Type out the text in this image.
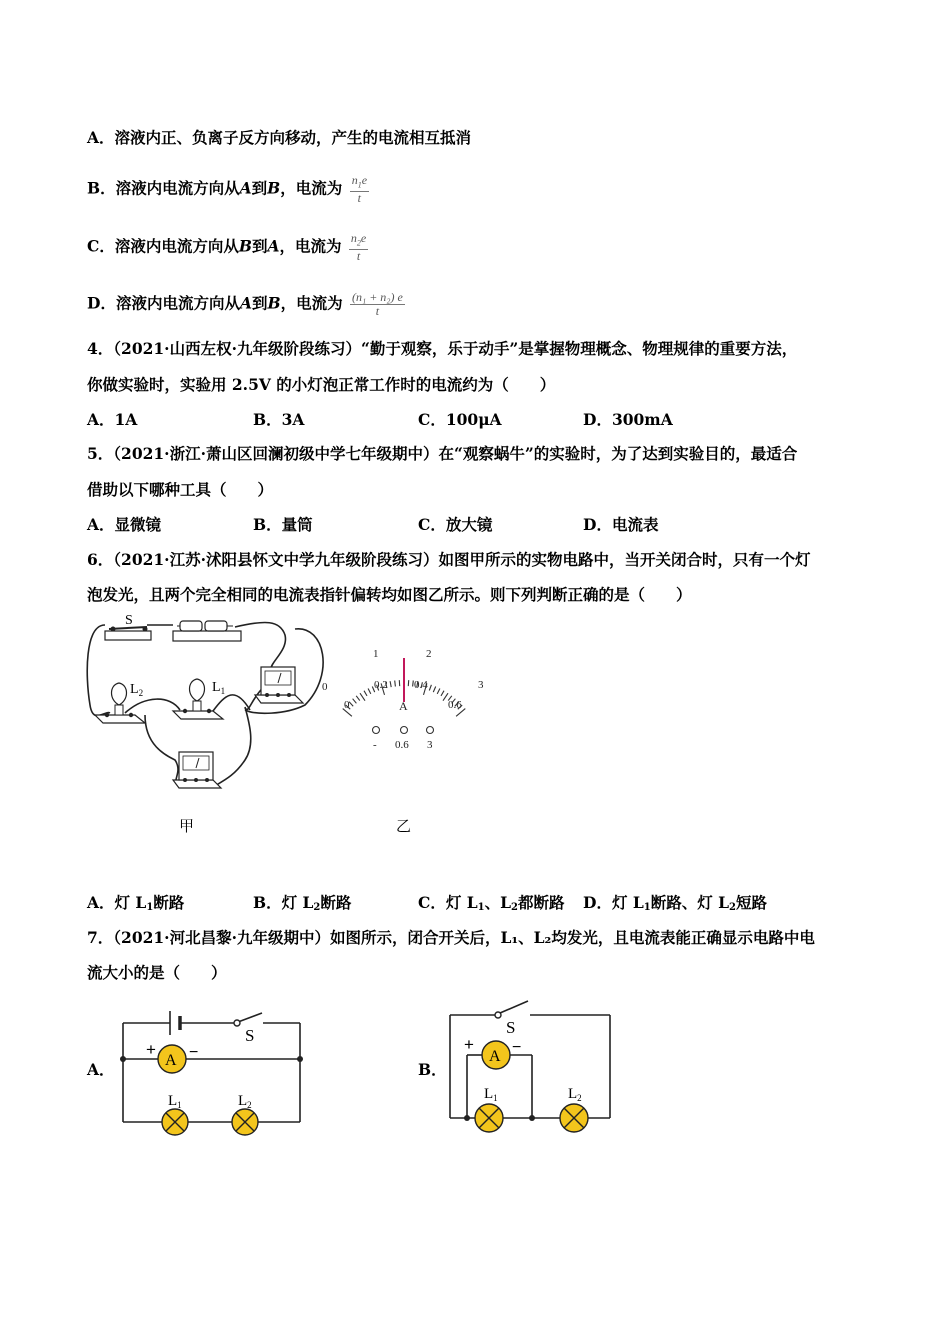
A．溶液内正、负离子反方向移动，产生的电流相互抵消
B．溶液内电流方向从A到B，电流为 $\frac{n_1e}{t}$
C．溶液内电流方向从B到A，电流为 $\frac{n_2e}{t}$
D．溶液内电流方向从A到B，电流为 $\frac{\text{(n₁ + n₂) e}}{t}$
4．（2021·山西左权·九年级阶段练习）“勤于观察，乐于动手”是掌握物理概念、物理规律的重要方法，
你做实验时，实验用 2.5V 的小灯泡正常工作时的电流约为（　　）
A．1A	B．3A	C．100μA	D．300mA
5．（2021·浙江·萧山区回澜初级中学七年级期中）在“观察蜗牛”的实验时，为了达到实验目的，最适合
借助以下哪种工具（　　）
A．显微镜	B．量筒	C．放大镜	D．电流表
6．（2021·江苏·沭阳县怀文中学九年级阶段练习）如图甲所示的实物电路中，当开关闭合时，只有一个灯
泡发光，且两个完全相同的电流表指针偏转均如图乙所示。则下列判断正确的是（　　）
S
$L_2$	$L_1$
甲
0
1	2
3
0
0.2 0.4
0.6
A
- 0.6 3
乙
A．灯 $L_1$断路	B．灯 $L_2$断路	C．灯 $L_1$、$L_2$都断路 D．灯 $L_1$断路、灯 $L_2$短路
7．（2021·河北昌黎·九年级期中）如图所示，闭合开关后，L₁、L₂均发光，且电流表能正确显示电路中电
流大小的是（　　）
A．
S
A
+ −
$L_1$	$L_2$
B．
S
A
+ −
$L_1$	$L_2$
